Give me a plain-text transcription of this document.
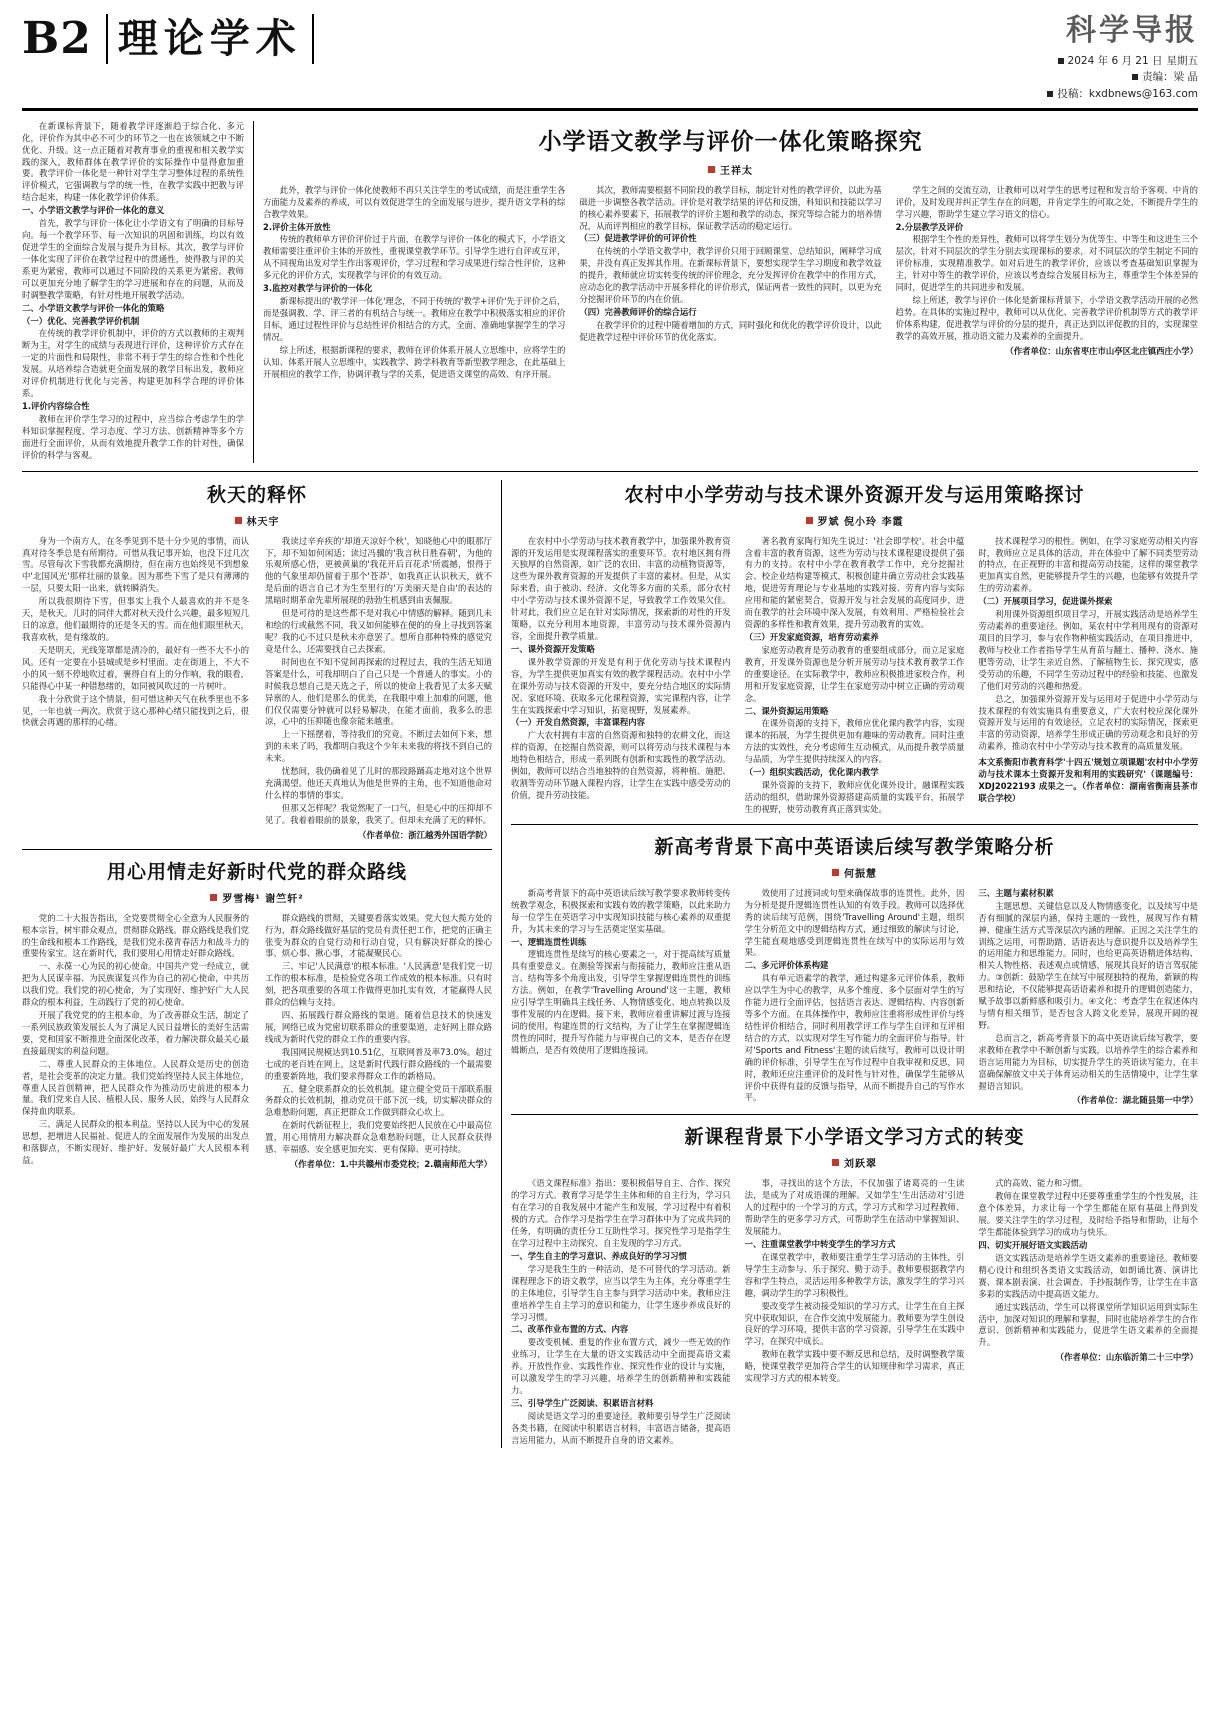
B2 理论学术	科学导报
2024 年 6 月 21 日 星期五
责编：梁 晶
投稿：kxdbnews@163.com

在新课标背景下，随着教学评逐渐趋于综合化、多元化，评价作为其中必不可少的环节之一也在该领域之中不断优化、升级。这一点正随着对教育事业的重视和相关教学实践的深入，教师群体在教学评价的实际操作中显得愈加重要。教学评价一体化是一种针对学生学习整体过程的系统性评价模式，它强调教与学的统一性，在教学实践中把教与评结合起来，构建一体化教学评价体系。

一、小学语文教学与评价一体化的意义

首先，教学与评价一体化让小学语文有了明确的目标导向。每一个教学环节、每一次知识的巩固和训练，均以有效促进学生的全面综合发展与提升为目标。其次，教学与评价一体化实现了评价在教学过程中的贯通性，使得教与评的关系更为紧密，教师可以通过不同阶段的关系更为紧密。教师可以更加充分地了解学生的学习进展和存在的问题，从而及时调整教学策略，有针对性地开展教学活动。

二、小学语文教学与评价一体化的策略

（一）优化、完善教学评价机制

在传统的教学评价机制中，评价的方式以教师的主观判断为主，对学生的成绩与表现进行评价，这种评价方式存在一定的片面性和局限性，非常不利于学生的综合性和个性化发展。从培养综合造就更全面发展的教学目标出发，教师应对评价机制进行优化与完善，构建更加科学合理的评价体系。

1.评价内容综合性

教师在评价学生学习的过程中，应当综合考虑学生的学科知识掌握程度、学习态度、学习方法、创新精神等多个方面进行全面评价，从而有效地提升教学工作的针对性，确保评价的科学与客观。

小学语文教学与评价一体化策略探究
王祥太

此外，教学与评价一体化使教师不再只关注学生的考试成绩，而是注重学生各方面能力及素养的养成，可以有效促进学生的全面发展与进步，提升语文学科的综合教学效果。

2.评价主体开放性

传统的教师单方评价评价过于片面，在教学与评价一体化的模式下，小学语文教师需要注重评价主体的开放性，重视课堂教学环节。引导学生进行自评或互评，从不同视角出发对学生作出客观评价，学习过程和学习成果进行综合性评价，这种多元化的评价方式，实现教学与评价的有效互动。

3.监控对教学与评价的一体化

新课标提出的'教学评一体化'理念，不同于传统的'教学+评价'先于评价之后，而是强调教、学、评三者的有机结合与统一。教师应在教学中积极落实相应的评价目标，通过过程性评价与总结性评价相结合的方式，全面、准确地掌握学生的学习情况。

综上所述，根据新课程的要求，教师在评价体系开展人立思维中，应将学生的认知、体系开展人立思维中，实践教学、跨学科教育等新型教学理念，在此基础上开展相应的教学工作，协调评教与学的关系，促进语文课堂的高效、有序开展。

其次，教师需要根据不同阶段的教学目标，制定针对性的教学评价，以此为基础进一步调整各教学活动。评价是对教学结果的评估和反馈，科知识和技能以学习的核心素养要素下，拓展教学的评价主题和教学的动态，探究等综合能力的培养情况，从而评判相应的教学目标，保证教学活动的稳定运行。

（三）促进教学评价的可评价性

在传统的小学语文教学中，教学评价只用于回顾课堂、总结知识，阐释学习成果，并没有真正发挥其作用。在新课标背景下，要想实现学生学习期度和教学效益的提升，教师就应切实转变传统的评价理念，充分发挥评价在教学中的作用方式，应动态化的教学活动中开展多样化的评价形式，保证两者一致性的同时，以更为充分挖掘评价环节的内在价值。

（四）完善教师评价的综合运行

在教学评价的过程中随着增加的方式，同时强化和优化的教学评价设计，以此促进教学过程中评价环节的优化落实。

学生之间的交流互动，让教师可以对学生的思考过程和发言给予客观、中肯的评价，及时发现并纠正学生存在的问题，并肯定学生的可取之处，不断提升学生的学习兴趣，帮助学生建立学习语文的信心。

2.分层教学及评价

根据学生个性的差异性，教师可以将学生划分为优等生、中等生和这进生三个层次，针对不同层次的学生分别去实现课标的要求，对不同层次的学生制定不同的评价标准，实现精准教学。如对后进生的教学评价，应该以考查基础知识掌握为主，针对中等生的教学评价，应该以考查综合发展目标为主，尊重学生个体差异的同时，促进学生的共同进步和发展。

综上所述，教学与评价一体化是新课标背景下，小学语文教学活动开展的必然趋势。在具体的实施过程中，教师可以从优化、完善教学评价机制等方式的教学评价体系构建，促进教学与评价的分层的提升，真正达到以评促教的目的，实现课堂教学的高效开展，推动语文能力及素养的全面提升。

（作者单位：山东省枣庄市山亭区北庄镇西庄小学）
秋天的释怀
林天宇

身为一个南方人，在冬季见到不是十分少见的事情，而认真对待冬季总是有所期待。可惜从我记事开始，也没下过几次雪。尽管每次下雪我都充满期待，但在南方也始终见不到想象中'北国风光'那样壮丽的景象。因为那些下雪了是只有薄薄的一层，只要太阳一出来，就转瞬消失。

所以我很期待下雪，但事实上我个人最喜欢的并不是冬天，是秋天。儿时的同伴大都对秋天没什么兴趣，最多短短几日的凉意，他们最期待的还是冬天的雪。而在他们眼里秋天，我喜欢秋，是有缘故的。

天是明天，光线笼罩都是清冷的，最好有一些不大不小的风。还有一定要在小县城或是乡村里面。走在街道上，不大不小的风一刻不停地吹过着，裹得自有上的分作响，我的眼看，只能得心中某一种错愁绪的，如同被风吹过的一片树叶。

我十分欣赏于这个情景，但可惜这种天气在秋季里也不多见，一年也就一两次。欣赏于这心那种心绪只能找到之后，很快就会再遇的那样的心绪。

我读过辛弃疾的'却道天凉好个秋'，知晓他心中的眼那厅下，却不知如何闲适；读过冯骥的'我言秋日胜春朝'，为他的乐观所感心悟，更被黄巢的'我花开后百花杀'所震撼，恨得于他的气象里却仍留着于那个'苍莽'，如我真正认识秋天，就不是后面的语言自己才为生至里行的'万美丽天是自由'的表达的黑暗时期革命先辈所展现的勃勃生机感到由衷佩服。

但是可待的是这些都不是对我心中情感的解释。随到几未和绘的行或截然不同，我又如何能够在便的的身上寻找到答案呢？我的心不过只是秋未亦意罢了。想所自那种特殊的感觉究竟是什么，还需要找自己去探索。

时间也在不知不觉间再探索的过程过去，我的生活无知道答案是什么，可我却明白了自己只是一个普通人的事实。小的时候我总想自己是天选之子，所以的使命上我看见了太多天赋异禀的人，他们是那么的优美，在我眼中难上加难的问题，他们仅仅需要分钟就可以轻易解决，在能才面前，我多么的悲凉，心中的压抑随也像奈能来越重。

上一下摇摆着，等待我们的究竟。不断过去如何下来，想到的未来了吗，我都明白我这个少年未来我的将找不到自己的未来。

忧愁间，我仍确着见了儿时的那段路踊高走地对这个世界充满渴望。他还天真地认为他是世界的主角，也不知道他命对什么样的事情的事实。

但那又怎样呢？我觉然呢了一口气，但是心中的压抑却不见了。我着着眼前的景象，我笑了。但却未充满了无的释怀。

（作者单位：浙江越秀外国语学院）
用心用情走好新时代党的群众路线
罗雪梅¹ 谢竺轩²

党的二十大报告指出，全党要贯彻全心全意为人民服务的根本宗旨，树牢群众观点，贯彻群众路线。群众路线是我们党的生命线和根本工作路线，是我们党永葆青春活力和战斗力的重要传家宝。这在新时代，我们要用心用情走好群众路线。

一、永葆一心为民的初心使命。中国共产党一经成立，就把为人民谋幸福、为民族谋复兴作为自己的初心使命，中共历以我们党。我们党的初心使命，为了实现好、维护好广大人民群众的根本利益，生动践行了党的初心使命。

开展了我党党的的主根本命，为了改善群众生活，制定了一系列民族政策发展长人为了满足人民日益增长的美好生活需要，党和国家不断推进全面深化改革，着力解决群众最关心最直接最现实的利益问题。

二、尊重人民群众的主体地位。人民群众是历史的创造者，是社会变革的决定力量。我们党始终坚持人民主体地位，尊重人民首创精神，把人民群众作为推动历史前进的根本力量。我们党来自人民、植根人民、服务人民，始终与人民群众保持血肉联系。

三、满足人民群众的根本利益。坚持以人民为中心的发展思想，把增进人民福祉、促进人的全面发展作为发展的出发点和落脚点，不断实现好、维护好、发展好最广大人民根本利益。

群众路线的贯彻，关键要看落实效果。党大包大揽方处的行为，群众路线做好基层的党员有责任把工作，把党的正确主张变为群众的自觉行动和行动自觉，只有解决好群众的操心事、烦心事、揪心事，才能凝聚民心。

三、牢记'人民满意'的根本标准。'人民满意'是我们党一切工作的根本标准，是检验党各项工作成效的根本标准。只有时刻，把各项重要的各项工作做得更加扎实有效，才能赢得人民群众的信赖与支持。

四、拓展践行群众路线的渠道。随着信息技术的快速发展，网络已成为党密切联系群众的重要渠道，走好网上群众路线成为新时代党的群众工作的重要内容。

我国网民规模达到10.51亿，互联网普及率73.0%。超过七成的老百姓在网上，这是新时代践行群众路线的一个最需要的重要新阵地，我们要求得群众工作的新格局。

五、健全联系群众的长效机制。建立健全党员干部联系服务群众的长效机制，推动党员干部下沉一线，切实解决群众的急难愁盼问题，真正把群众工作做到群众心坎上。

在新时代新征程上，我们党要始终把人民放在心中最高位置，用心用情用力解决群众急难愁盼问题，让人民群众获得感、幸福感、安全感更加充实、更有保障、更可持续。

（作者单位：1.中共赣州市委党校；2.赣南师范大学）
农村中小学劳动与技术课外资源开发与运用策略探讨
罗斌 倪小玲 李霞

在农村中小学劳动与技术教育教学中，加强课外教育资源的开发运用是实现课程落实的重要环节。农村地区拥有得天独厚的自然资源，如广泛的农田、丰富的动植物资源等，这些为课外教育资源的开发提供了丰富的素材。但是，从实际来看，由于被动、经济、文化等多方面的关系，部分农村中小学劳动与技术课外资源不足，导致教学工作效果欠佳。针对此，我们应立足在针对实际情况，探索新的对性的开发策略，以充分利用本地资源，丰富劳动与技术课外资源内容，全面提升教学质量。

一、课外资源开发策略

课外教学资源的开发是有利于优化劳动与技术课程内容，为学生提供更加真实有效的教学课程活动。农村中小学在课外劳动与技术资源的开发中，要充分结合地区的实际情况、家庭环境、获取多元化课程资源，实完课程内容，让学生在实践探索中学习知识，拓宽视野，发展素养。

（一）开发自然资源，丰富课程内容

广大农村拥有丰富的自然资源和独特的农耕文化，而这样的资源，在挖掘自然资源，则可以将劳动与技术课程与本地特色相结合，形成一系列既有创新和实践性的教学活动。例如，教师可以结合当地独特的自然资源，将种植、施肥、收割等劳动环节融入课程内容，让学生在实践中感受劳动的价值，提升劳动技能。

著名教育家陶行知先生说过：'社会即学校'。社会中蕴含着丰富的教育资源，这些为劳动与技术课程建设提供了强有力的支持。农村中小学在教育教学工作中，充分挖掘社会、校企业结构建等模式，积极创建并确立劳动社会实践基地，促进劳育理论与专业基地的实践对接、劳育内容与实际应用和能的紧密契合，资源开发与社会发展的高度同步，进而在教学的社会环境中深入发展，有效利用、严格检验社会资源的多样性和教育效果，提升劳动教育的实效。

（三）开发家庭资源，培育劳动素养

家庭劳动教育是劳动教育的重要组成部分，而立足家庭教育，开发课外资源也是分析开展劳动与技术教育教学工作的重要途径。在实际教学中，教师应积极推进家校合作，利用和开发家庭资源，让学生在家庭劳动中树立正确的劳动观念。

二、课外资源运用策略

在课外资源的支持下，教师应优化课内教学内容，实现课本的拓展，为学生提供更加有趣味的劳动教育。同时注重方法的实效性，充分考虑师生互动模式，从而提升教学质量与品质，为学生提供持续深入的内容。

（一）组织实践活动，优化课内教学

课外资源的支持下，教师应优化课外设计，融课程实践活动的组织，借助课外资源搭建高质量的实践平台，拓展学生的视野，使劳动教育真正落到实处。

技术课程学习的根性。例如，在学习家庭劳动相关内容时，教师应立足具体的活动，并在体验中了解不同类型劳动的特点，在正视野的丰富和提高劳动技能，这样的课堂教学更加真实自然，更能够提升学生的兴趣，也能够有效提升学生的劳动素养。

（二）开展项目学习，促进课外探索

利用课外资源组织项目学习，开展实践活动是培养学生劳动素养的重要途径。例如，某农村中学利用现有的资源对项目的目学习，参与农作物种植实践活动，在项目推进中，教师与校业工作者指导学生从育苗与翻土、播种、浇水、施肥等劳动，让学生亲近自然、了解植物生长、探究现实，感受劳动的乐趣，不同学生劳动过程中的经验和技能、也激发了他们对劳动的兴趣和热爱。

总之，加强课外资源开发与运用对于促进中小学劳动与技术课程的有效实施具有重要意义，广大农村校应深化课外资源开发与运用的有效途径，立足农村的实际情况，探索更丰富的劳动资源，培养学生形成正确的劳动观念和良好的劳动素养，推动农村中小学劳动与技术教育的高质量发展。

本文系衡阳市教育科学'十四五'规划立项课题'农村中小学劳动与技术课本土资源开发和利用的实践研究'（课题编号：XDJ2022193 成果之一。（作者单位：湖南省衡南县茶市联合学校）

新高考背景下高中英语读后续写教学策略分析
何振慧

新高考背景下的高中英语读后续写教学要求教师转变传统教学观念，积极探索和实践有效的教学策略，以此来助力每一位学生在英语学习中实现知识技能与核心素养的双重提升，为其未来的学习与生活奠定坚实基础。

一、逻辑连贯性训练

逻辑连贯性是续写的核心要素之一，对于提高续写质量具有重要意义。在测验等探索与衔接能力，教师应注重从语言、结构等多个角度出发，引导学生掌握逻辑连贯性的训练方法。例如，在教学'Travelling Around'这一主题，教师应引导学生明确具主线任务、人物情感变化、地点转换以及事件发展的内在逻辑。接下来，教师应着重讲解过渡与连接词的使用，构建连贯的行文结构，为了让学生在掌握逻辑连贯性的同时，提升写作能力与审视自己的文本，是否存在逻辑断点，是否有效使用了逻辑连接词。

效使用了过渡词或句型来确保故事的连贯性。此外，因为分析是提升逻辑连贯性认知的有效手段。教师可以选择优秀的读后续写范例，围绕'Travelling Around'主题，组织学生分析范文中的逻辑结构方式，通过细致的解读与讨论，学生能直观地感受到逻辑连贯性在续写中的实际运用与效果。

二、多元评价体系构建

具有单元语素学的教学，通过构建多元评价体系，教师应以学生为中心的教学，从多个维度、多个层面对学生的写作能力进行全面评估，包括语言表达、逻辑结构、内容创新等多个方面。在具体操作中，教师应注重将形成性评价与终结性评价相结合，同时利用教学评工作与学生自评和互评相结合的方式，以实现对学生写作能力的全面评价与指导。针对'Sports and Fitness'主题的读后续写，教师可以设计明确的评价标准，引导学生在写作过程中自我审视和反思，同时，教师还应注重评价的及时性与针对性，确保学生能够从评价中获得有益的反馈与指导，从而不断提升自己的写作水平。

三、主题与素材积累

主题思想、关键信息以及人物情感变化，以及续写中是否有细腻的深层内涵，保持主题的一致性，展现写作有精神、健康生活方式等深层次内涵的理解。正因之关注学生的训练之运用，可帮助踏、话语表达与意识提升以及培养学生的运用能力和思维能力。同时，也给更高英语精进体结构、相关人物性格、表述观点或情感，展现其良好的语言驾驭能力。③创新：鼓励学生在续写中展现独特的视角，新颖的构思和结论，不仅能够提高话语素养和提升的逻辑创造能力，赋予故事以新鲜感和吸引力。④文化：考查学生在叙述体内与情有相关细节，是否包含人跨文化差异，展现开阔的视野。

总而言之，新高考背景下的高中英语读后续写教学，要求教师在教学中不断创新与实践，以培养学生的综合素养和语言运用能力为目标，切实提升学生的英语读写能力，在丰富确保解放文中关于体育运动相关的生活情境中，让学生掌握语言知识。

（作者单位：湖北随县第一中学）
新课程背景下小学语文学习方式的转变
刘跃翠

《语文课程标准》指出：要积极倡导自主、合作、探究的学习方式。教育学习是学生主体和师的自主行为，学习只有在学习的自我发展中才能产生和发展，学习过程中有着积极的方式。合作学习是指学生在学习群体中为了完成共同的任务，有明确的责任分工互助性学习。探究性学习是指学生在学习过程中主动探究、自主发现的学习方式。

一、学生自主的学习意识、养成良好的学习习惯

学习是我生生的一种活动，是不可替代的学习活动。新课程理念下的语文教学，应当以学生为主体，充分尊重学生的主体地位，引导学生自主参与到学习活动中来。教师应注重培养学生自主学习的意识和能力，让学生逐步养成良好的学习习惯。

二、改革作业布置的方式、内容

要改变机械、重复的作业布置方式，减少一些无效的作业练习，让学生在大量的语文实践活动中全面提高语文素养。开放性作业、实践性作业、探究性作业的设计与实施，可以激发学生的学习兴趣，培养学生的创新精神和实践能力。

三、引导学生广泛阅读、积累语言材料

阅读是语文学习的重要途径。教师要引导学生广泛阅读各类书籍，在阅读中积累语言材料，丰富语言储备，提高语言运用能力，从而不断提升自身的语文素养。

事，寻找出的这个方法，不仅加强了诸葛亮的一生读法，是成为了对成语课的理解。又如学生'生出活动对'引进人的过程中的一个学习的方式，学习方式和学习过程教师、帮助学生的更多学习方式，可帮助学生在活动中掌握知识、发展能力。

一、注重课堂教学中转变学生的学习方式

在课堂教学中，教师要注重学生学习活动的主体性，引导学生主动参与、乐于探究、勤于动手。教师要根据教学内容和学生特点，灵活运用多种教学方法，激发学生的学习兴趣，调动学生的学习积极性。

要改变学生被动接受知识的学习方式，让学生在自主探究中获取知识，在合作交流中发展能力。教师要为学生创设良好的学习环境，提供丰富的学习资源，引导学生在实践中学习，在探究中成长。

教师在教学实践中要不断反思和总结，及时调整教学策略，使课堂教学更加符合学生的认知规律和学习需求，真正实现学习方式的根本转变。

式的高效、能力和习惯。

教师在课堂教学过程中还要尊重重学生的个性发展，注意个体差异，力求让每一个学生都能在原有基础上得到发展。要关注学生的学习过程，及时给予指导和帮助，让每个学生都能体验到学习的成功与快乐。

四、切实开展好语文实践活动

语文实践活动是培养学生语文素养的重要途径。教师要精心设计和组织各类语文实践活动，如朗诵比赛、演讲比赛、课本剧表演、社会调查、手抄报制作等，让学生在丰富多彩的实践活动中提高语文能力。

通过实践活动，学生可以将课堂所学知识运用到实际生活中，加深对知识的理解和掌握，同时也能培养学生的合作意识、创新精神和实践能力，促进学生语文素养的全面提升。

（作者单位：山东临沂第二十三中学）
